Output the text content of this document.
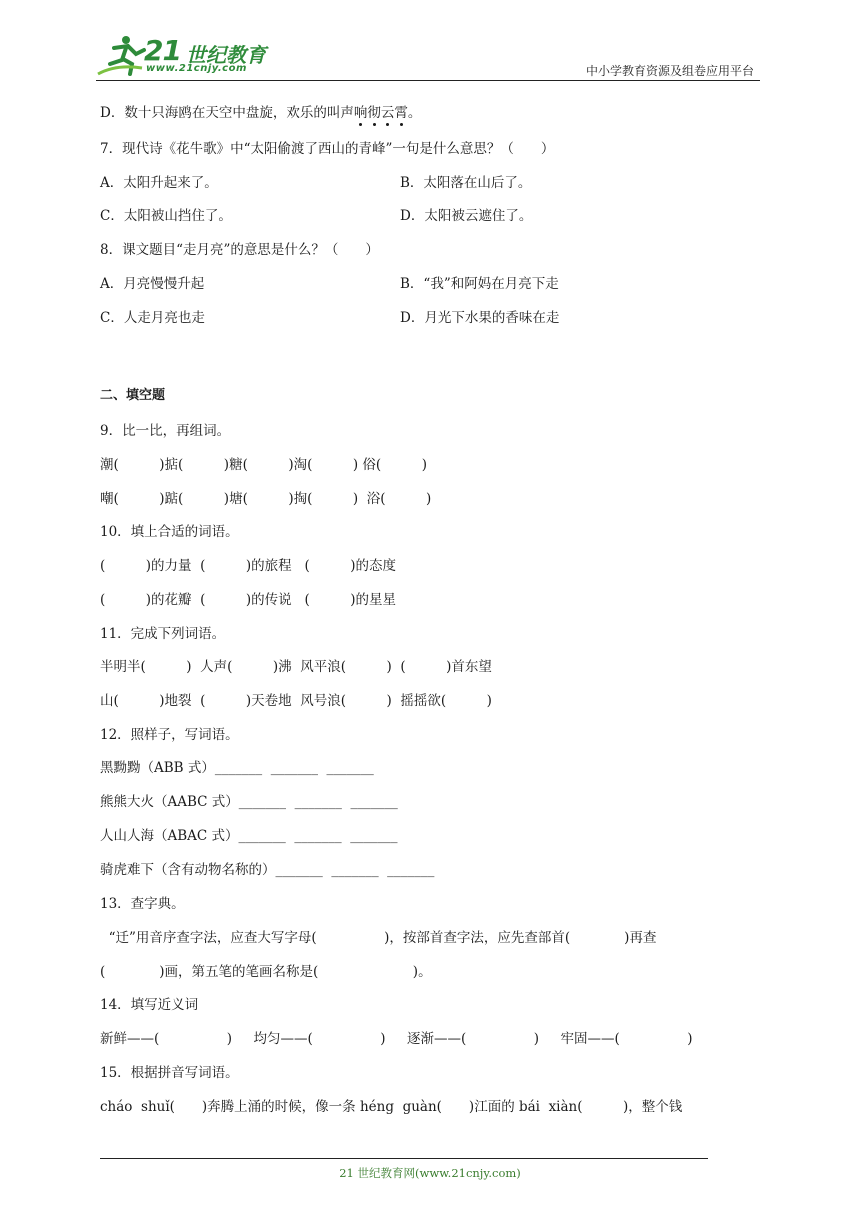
21 世纪教育
www.21cnjy.com	中小学教育资源及组卷应用平台
D．数十只海鸥在天空中盘旋，欢乐的叫声响彻云霄。
7．现代诗《花牛歌》中“太阳偷渡了西山的青峰”一句是什么意思？（　　）
A．太阳升起来了。	B．太阳落在山后了。
C．太阳被山挡住了。	D．太阳被云遮住了。
8．课文题目“走月亮”的意思是什么？（　　）
A．月亮慢慢升起	B．“我”和阿妈在月亮下走
C．人走月亮也走	D．月光下水果的香味在走
二、填空题
9．比一比，再组词。
潮(　　　)掂(　　　)糖(　　　)淘(　　　) 俗(　　　)
嘲(　　　)踮(　　　)塘(　　　)掏(　　　)  浴(　　　)
10．填上合适的词语。
(　　　)的力量  (　　　)的旅程   (　　　)的态度
(　　　)的花瓣  (　　　)的传说   (　　　)的星星
11．完成下列词语。
半明半(　　　)  人声(　　　)沸  风平浪(　　　)  (　　　)首东望
山(　　　)地裂  (　　　)天卷地  风号浪(　　　)  摇摇欲(　　　)
12．照样子，写词语。
黑黝黝（ABB 式）_______  _______  _______
熊熊大火（AABC 式）_______  _______  _______
人山人海（ABAC 式）_______  _______  _______
骑虎难下（含有动物名称的）_______  _______  _______
13．查字典。
“迁”用音序查字法，应查大写字母(　　　　　)，按部首查字法，应先查部首(　　　　)再查
(　　　　)画，第五笔的笔画名称是(　　　　　　　)。
14．填写近义词
新鲜——(　　　　　)     均匀——(　　　　　)     逐渐——(　　　　　)     牢固——(　　　　　)
15．根据拼音写词语。
cháo  shuǐ(　　)奔腾上涌的时候，像一条 héng  guàn(　　)江面的 bái  xiàn(　　　)，整个钱
21 世纪教育网(www.21cnjy.com)
